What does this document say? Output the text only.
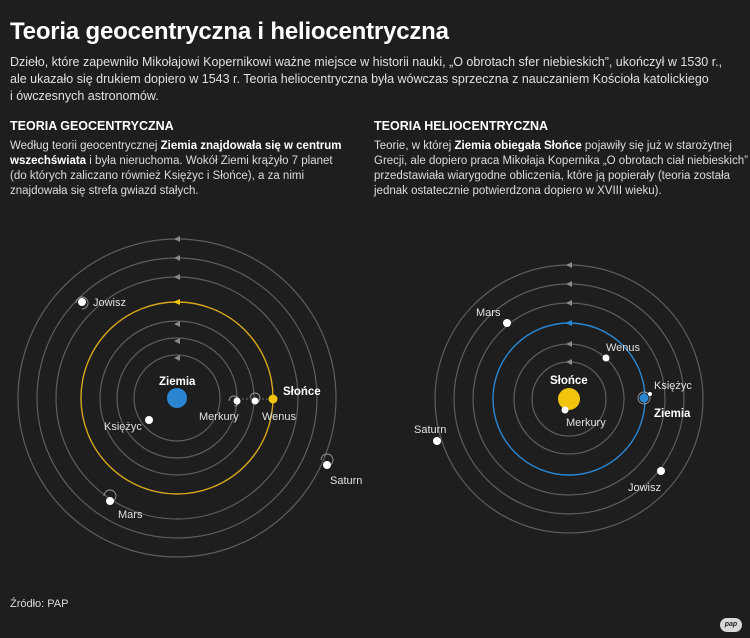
Teoria geocentryczna i heliocentryczna
Dzieło, które zapewniło Mikołajowi Kopernikowi ważne miejsce w historii nauki, „O obrotach sfer niebieskich”, ukończył w 1530 r.,
ale ukazało się drukiem dopiero w 1543 r. Teoria heliocentryczna była wówczas sprzeczna z nauczaniem Kościoła katolickiego
i ówczesnych astronomów.
TEORIA GEOCENTRYCZNA
Według teorii geocentrycznej Ziemia znajdowała się w centrum
wszechświata i była nieruchoma. Wokół Ziemi krążyło 7 planet
(do których zaliczano również Księżyc i Słońce), a za nimi
znajdowała się strefa gwiazd stałych.
TEORIA HELIOCENTRYCZNA
Teorie, w której Ziemia obiegała Słońce pojawiły się już w starożytnej
Grecji, ale dopiero praca Mikołaja Kopernika „O obrotach ciał niebieskich”
przedstawiała wiarygodne obliczenia, które ją popierały (teoria została
jednak ostatecznie potwierdzona dopiero w XVIII wieku).
Ziemia
Księżyc
Merkury Wenus
Słońce
Jowisz
Mars
Saturn
Słońce
Merkury
Wenus
Księżyc
Ziemia
Mars
Jowisz
Saturn
Źródło: PAP
pap
